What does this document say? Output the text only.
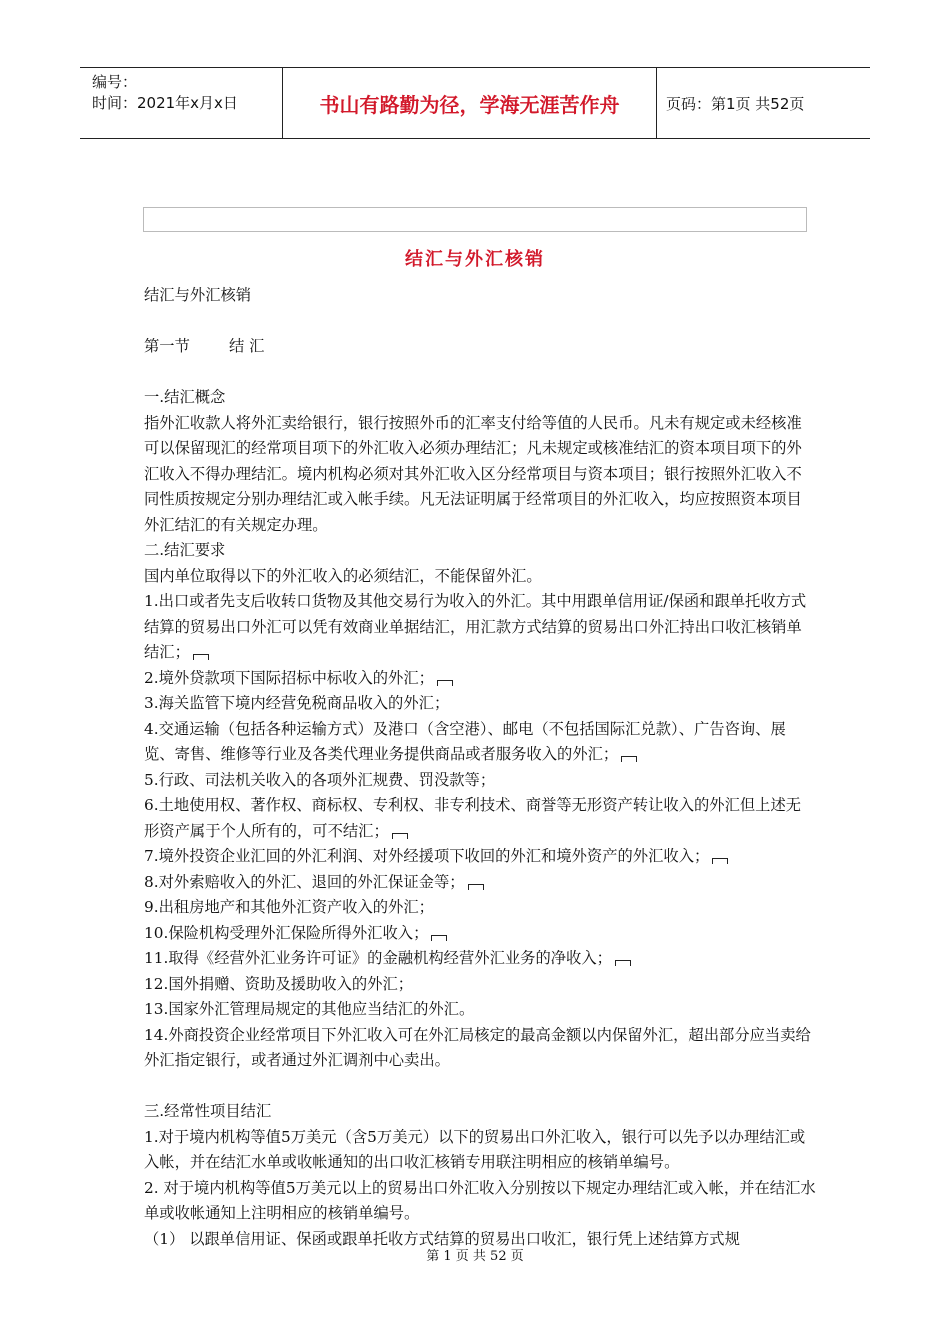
编号：
时间：2021年x月x日	书山有路勤为径，学海无涯苦作舟	页码：第1页 共52页
结汇与外汇核销

结汇与外汇核销

第一节	结 汇

一.结汇概念

指外汇收款人将外汇卖给银行，银行按照外币的汇率支付给等值的人民币。凡未有规定或未经核准可以保留现汇的经常项目项下的外汇收入必须办理结汇；凡未规定或核准结汇的资本项目项下的外汇收入不得办理结汇。境内机构必须对其外汇收入区分经常项目与资本项目；银行按照外汇收入不同性质按规定分别办理结汇或入帐手续。凡无法证明属于经常项目的外汇收入，均应按照资本项目外汇结汇的有关规定办理。

二.结汇要求

国内单位取得以下的外汇收入的必须结汇，不能保留外汇。

1.出口或者先支后收转口货物及其他交易行为收入的外汇。其中用跟单信用证/保函和跟单托收方式结算的贸易出口外汇可以凭有效商业单据结汇，用汇款方式结算的贸易出口外汇持出口收汇核销单结汇；

2.境外贷款项下国际招标中标收入的外汇；

3.海关监管下境内经营免税商品收入的外汇；

4.交通运输（包括各种运输方式）及港口（含空港）、邮电（不包括国际汇兑款）、广告咨询、展览、寄售、维修等行业及各类代理业务提供商品或者服务收入的外汇；

5.行政、司法机关收入的各项外汇规费、罚没款等；

6.土地使用权、著作权、商标权、专利权、非专利技术、商誉等无形资产转让收入的外汇但上述无形资产属于个人所有的，可不结汇；

7.境外投资企业汇回的外汇利润、对外经援项下收回的外汇和境外资产的外汇收入；

8.对外索赔收入的外汇、退回的外汇保证金等；

9.出租房地产和其他外汇资产收入的外汇；

10.保险机构受理外汇保险所得外汇收入；

11.取得《经营外汇业务许可证》的金融机构经营外汇业务的净收入；

12.国外捐赠、资助及援助收入的外汇；

13.国家外汇管理局规定的其他应当结汇的外汇。

14.外商投资企业经常项目下外汇收入可在外汇局核定的最高金额以内保留外汇，超出部分应当卖给外汇指定银行，或者通过外汇调剂中心卖出。

三.经常性项目结汇

1.对于境内机构等值5万美元（含5万美元）以下的贸易出口外汇收入，银行可以先予以办理结汇或入帐，并在结汇水单或收帐通知的出口收汇核销专用联注明相应的核销单编号。

2. 对于境内机构等值5万美元以上的贸易出口外汇收入分别按以下规定办理结汇或入帐，并在结汇水单或收帐通知上注明相应的核销单编号。

（1） 以跟单信用证、保函或跟单托收方式结算的贸易出口收汇，银行凭上述结算方式规

第 1 页 共 52 页
